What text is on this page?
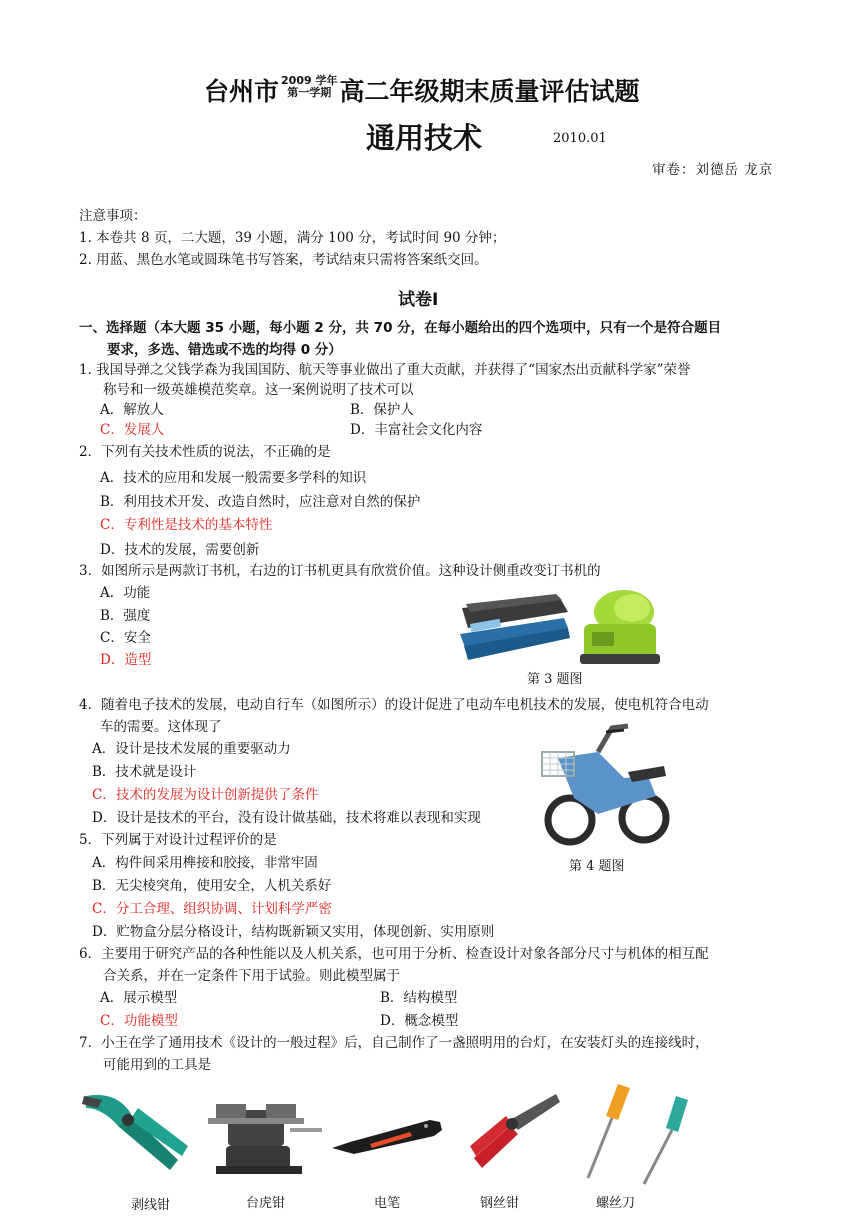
台州市 2009 学年
第一学期 高二年级期末质量评估试题
通用技术	2010.01
审卷：刘德岳 龙京
注意事项：
1. 本卷共 8 页，二大题，39 小题，满分 100 分，考试时间 90 分钟；
2. 用蓝、黑色水笔或圆珠笔书写答案，考试结束只需将答案纸交回。
试卷Ⅰ
一、选择题（本大题 35 小题，每小题 2 分，共 70 分，在每小题给出的四个选项中，只有一个是符合题目
要求，多选、错选或不选的均得 0 分）
1. 我国导弹之父钱学森为我国国防、航天等事业做出了重大贡献，并获得了“国家杰出贡献科学家”荣誉
称号和一级英雄模范奖章。这一案例说明了技术可以
A．解放人	B．保护人
C．发展人	D．丰富社会文化内容
2．下列有关技术性质的说法，不正确的是
A．技术的应用和发展一般需要多学科的知识
B．利用技术开发、改造自然时，应注意对自然的保护
C．专利性是技术的基本特性
D．技术的发展，需要创新
3．如图所示是两款订书机，右边的订书机更具有欣赏价值。这种设计侧重改变订书机的
A．功能
B．强度
C．安全
D．造型
第 3 题图
4．随着电子技术的发展，电动自行车（如图所示）的设计促进了电动车电机技术的发展，使电机符合电动
车的需要。这体现了
A．设计是技术发展的重要驱动力
B．技术就是设计
C．技术的发展为设计创新提供了条件
D．设计是技术的平台，没有设计做基础，技术将难以表现和实现
5．下列属于对设计过程评价的是
第 4 题图
A．构件间采用榫接和胶接，非常牢固
B．无尖棱突角，使用安全，人机关系好
C．分工合理、组织协调、计划科学严密
D．贮物盒分层分格设计，结构既新颖又实用，体现创新、实用原则
6．主要用于研究产品的各种性能以及人机关系，也可用于分析、检查设计对象各部分尺寸与机体的相互配
合关系，并在一定条件下用于试验。则此模型属于
A．展示模型	B．结构模型
C．功能模型	D．概念模型
7．小王在学了通用技术《设计的一般过程》后，自己制作了一盏照明用的台灯，在安装灯头的连接线时，
可能用到的工具是
剥线钳	台虎钳	电笔	钢丝钳	螺丝刀
